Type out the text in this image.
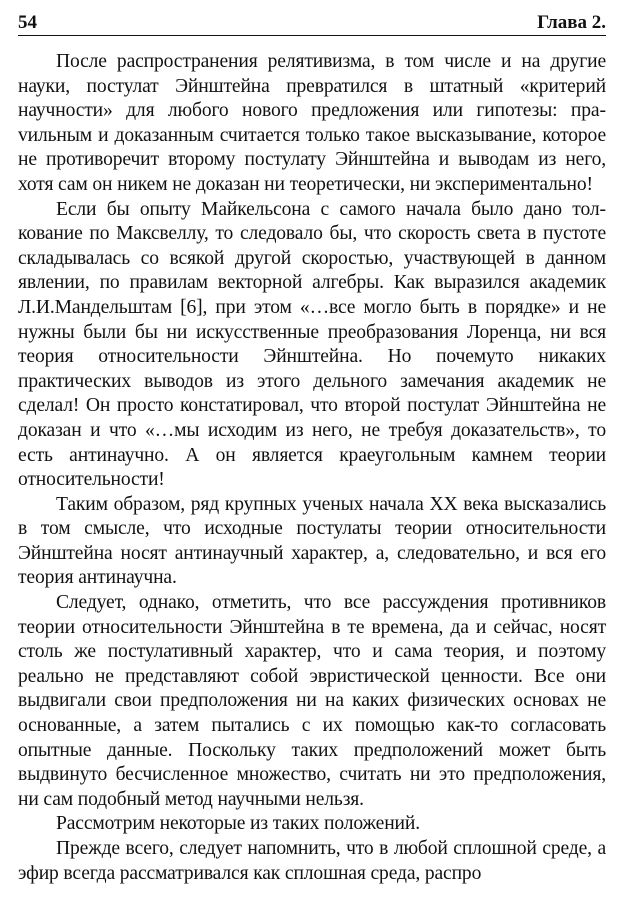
54	Глава 2.

После распространения релятивизма, в том числе и на другие науки, постулат Эйнштейна превратился в штатный «критерий научности» для любого нового предложения или гипотезы: праvильным и доказанным считается только такое высказывание, которое не противоречит второму постулату Эйнштейна и выводам из него, хотя сам он никем не доказан ни теоретически, ни экспериментально!

Если бы опыту Майкельсона с самого начала было дано толкование по Максвеллу, то следовало бы, что скорость света в пустоте складывалась со всякой другой скоростью, участвующей в данном явлении, по правилам векторной алгебры. Как выразился академик Л.И.Мандельштам [6], при этом «…все могло быть в порядке» и не нужны были бы ни искусственные преобразования Лоренца, ни вся теория относительности Эйнштейна. Но почемуто никаких практических выводов из этого дельного замечания академик не сделал! Он просто констатировал, что второй постулат Эйнштейна не доказан и что «…мы исходим из него, не требуя доказательств», то есть антинаучно. А он является краеугольным камнем теории относительности!

Таким образом, ряд крупных ученых начала XX века высказались в том смысле, что исходные постулаты теории относительности Эйнштейна носят антинаучный характер, а, следовательно, и вся его теория антинаучна.

Следует, однако, отметить, что все рассуждения противников теории относительности Эйнштейна в те времена, да и сейчас, носят столь же постулативный характер, что и сама теория, и поэтому реально не представляют собой эвристической ценности. Все они выдвигали свои предположения ни на каких физических основах не основанные, а затем пытались с их помощью как-то согласовать опытные данные. Поскольку таких предположений может быть выдвинуто бесчисленное множество, считать ни это предположения, ни сам подобный метод научными нельзя.

Рассмотрим некоторые из таких положений.

Прежде всего, следует напомнить, что в любой сплошной среде, а эфир всегда рассматривался как сплошная среда, распро
